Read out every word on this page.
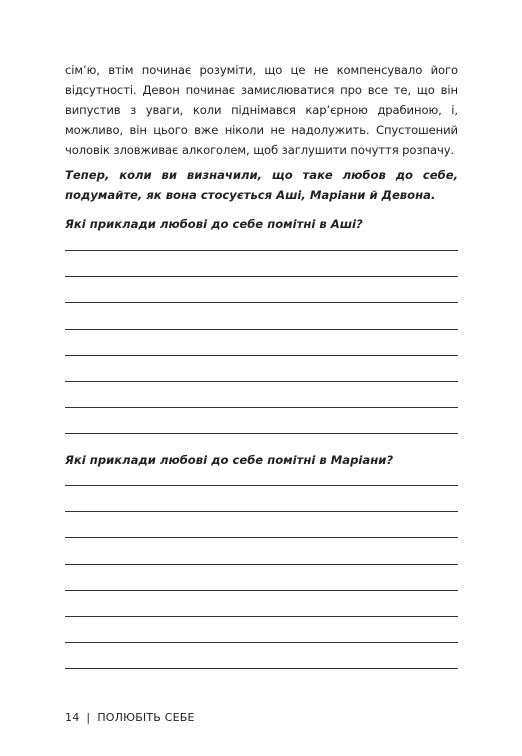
сім’ю, втім починає розуміти, що це не компенсувало його відсутності. Девон починає замислюватися про все те, що він випустив з уваги, коли піднімався кар’єрною драбиною, і, можливо, він цього вже ніколи не надолужить. Спустошений чоловік зловживає алкоголем, щоб заглушити почуття розпачу.

Тепер, коли ви визначили, що таке любов до себе, подумайте, як вона стосується Аші, Маріани й Девона.

Які приклади любові до себе помітні в Аші?

Які приклади любові до себе помітні в Маріани?

14 | ПОЛЮБІТЬ СЕБЕ
